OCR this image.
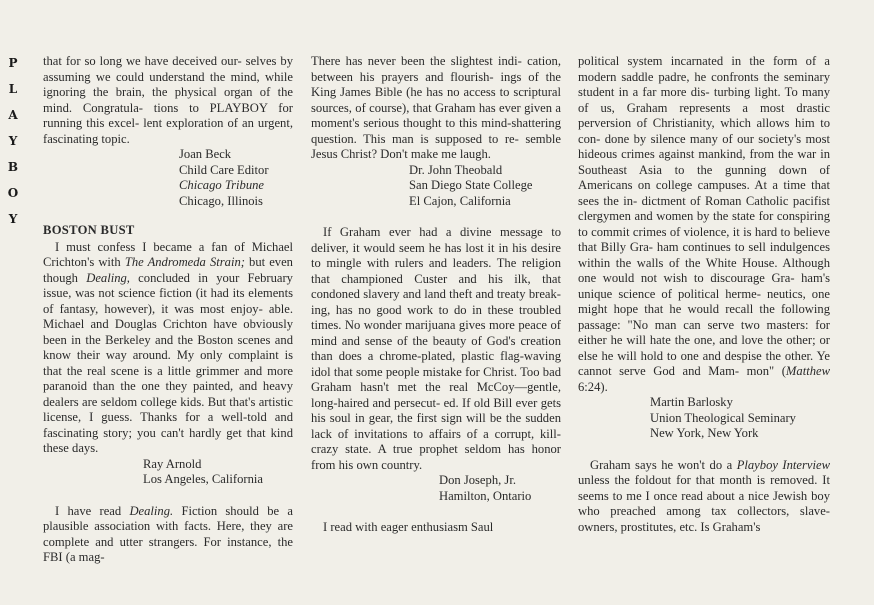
P
L
A
Y
B
O
Y

that for so long we have deceived our- selves by assuming we could understand the mind, while ignoring the brain, the physical organ of the mind. Congratula- tions to PLAYBOY for running this excel- lent exploration of an urgent, fascinating topic.

Joan Beck
Child Care Editor
Chicago Tribune
Chicago, Illinois
BOSTON BUST

I must confess I became a fan of Michael Crichton's with The Andromeda Strain; but even though Dealing, concluded in your February issue, was not science fiction (it had its elements of fantasy, however), it was most enjoy- able. Michael and Douglas Crichton have obviously been in the Berkeley and the Boston scenes and know their way around. My only complaint is that the real scene is a little grimmer and more paranoid than the one they painted, and heavy dealers are seldom college kids. But that's artistic license, I guess. Thanks for a well-told and fascinating story; you can't hardly get that kind these days.

Ray Arnold
Los Angeles, California

I have read Dealing. Fiction should be a plausible association with facts. Here, they are complete and utter strangers. For instance, the FBI (a mag-

There has never been the slightest indi- cation, between his prayers and flourish- ings of the King James Bible (he has no access to scriptural sources, of course), that Graham has ever given a moment's serious thought to this mind-shattering question. This man is supposed to re- semble Jesus Christ? Don't make me laugh.

Dr. John Theobald
San Diego State College
El Cajon, California

If Graham ever had a divine message to deliver, it would seem he has lost it in his desire to mingle with rulers and leaders. The religion that championed Custer and his ilk, that condoned slavery and land theft and treaty break- ing, has no good work to do in these troubled times. No wonder marijuana gives more peace of mind and sense of the beauty of God's creation than does a chrome-plated, plastic flag-waving idol that some people mistake for Christ. Too bad Graham hasn't met the real McCoy—gentle, long-haired and persecut- ed. If old Bill ever gets his soul in gear, the first sign will be the sudden lack of invitations to affairs of a corrupt, kill- crazy state. A true prophet seldom has honor from his own country.

Don Joseph, Jr.
Hamilton, Ontario

I read with eager enthusiasm Saul

political system incarnated in the form of a modern saddle padre, he confronts the seminary student in a far more dis- turbing light. To many of us, Graham represents a most drastic perversion of Christianity, which allows him to con- done by silence many of our society's most hideous crimes against mankind, from the war in Southeast Asia to the gunning down of Americans on college campuses. At a time that sees the in- dictment of Roman Catholic pacifist clergymen and women by the state for conspiring to commit crimes of violence, it is hard to believe that Billy Gra- ham continues to sell indulgences within the walls of the White House. Although one would not wish to discourage Gra- ham's unique science of political herme- neutics, one might hope that he would recall the following passage: "No man can serve two masters: for either he will hate the one, and love the other; or else he will hold to one and despise the other. Ye cannot serve God and Mam- mon" (Matthew 6:24).

Martin Barlosky
Union Theological Seminary
New York, New York

Graham says he won't do a Playboy Interview unless the foldout for that month is removed. It seems to me I once read about a nice Jewish boy who preached among tax collectors, slave- owners, prostitutes, etc. Is Graham's
